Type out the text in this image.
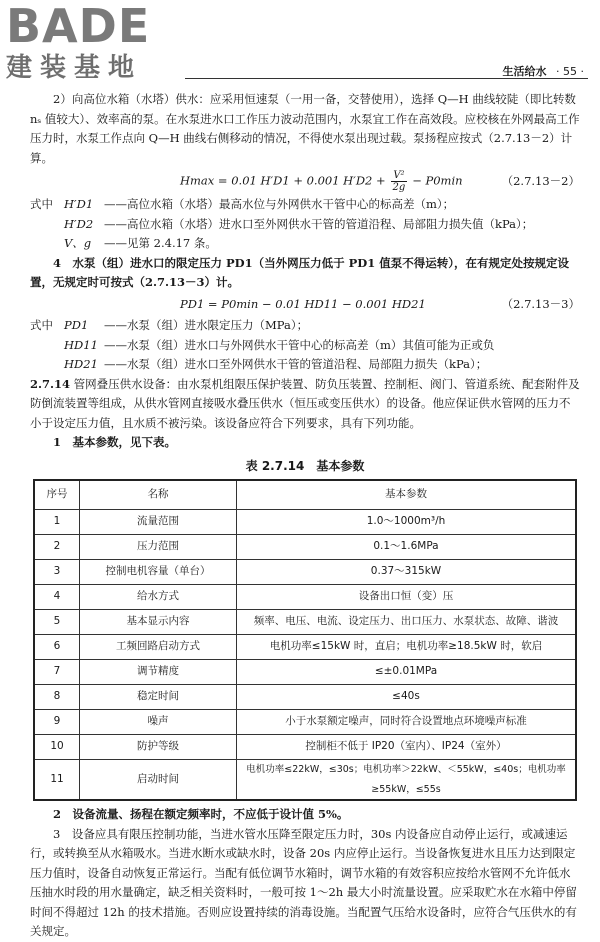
BADE
建装基地	生活给水 · 55 ·

2）向高位水箱（水塔）供水：应采用恒速泵（一用一备，交替使用），选择 Q—H 曲线较陡（即比转数 nₛ 值较大）、效率高的泵。在水泵进水口工作压力波动范围内，水泵宜工作在高效段。应校核在外网最高工作压力时，水泵工作点向 Q—H 曲线右侧移动的情况，不得使水泵出现过载。泵扬程应按式（2.7.13－2）计算。

Hmax = 0.01 H′D1 + 0.001 $H'D2 + \frac{\text{V²}}{2g} - P0\min$	（2.7.13－2）
式中 H′D1 ——高位水箱（水塔）最高水位与外网供水干管中心的标高差（m）；
H′D2 ——高位水箱（水塔）进水口至外网供水干管的管道沿程、局部阻力损失值（kPa）；
V、g	——见第 2.4.17 条。

4　水泵（组）进水口的限定压力 PD1（当外网压力低于 PD1 值泵不得运转），在有规定处按规定设置，无规定时可按式（2.7.13－3）计。

PD1 = P0min − 0.01 HD11 − 0.001 HD21	（2.7.13－3）
式中 PD1	——水泵（组）进水限定压力（MPa）；
HD11 ——水泵（组）进水口与外网供水干管中心的标高差（m）其值可能为正或负
HD21 ——水泵（组）进水口至外网供水干管的管道沿程、局部阻力损失（kPa）；

2.7.14 管网叠压供水设备：由水泵机组限压保护装置、防负压装置、控制柜、阀门、管道系统、配套附件及防倒流装置等组成，从供水管网直接吸水叠压供水（恒压或变压供水）的设备。他应保证供水管网的压力不小于设定压力值，且水质不被污染。该设备应符合下列要求，具有下列功能。

1　基本参数，见下表。

表 2.7.14　基本参数
序号	名称	基本参数
1	流量范围	1.0～1000m³/h
2	压力范围	0.1～1.6MPa
3	控制电机容量（单台）	0.37～315kW
4	给水方式	设备出口恒（变）压
5	基本显示内容	频率、电压、电流、设定压力、出口压力、水泵状态、故障、谐波
6	工频回路启动方式	电机功率≤15kW 时，直启；电机功率≥18.5kW 时，软启
7	调节精度	≤±0.01MPa
8	稳定时间	≤40s
9	噪声	小于水泵额定噪声，同时符合设置地点环境噪声标准
10	防护等级	控制柜不低于 IP20（室内）、IP24（室外）
11	启动时间	电机功率≤22kW，≤30s；电机功率＞22kW、＜55kW，≤40s；电机功率≥55kW，≤55s

2　设备流量、扬程在额定频率时，不应低于设计值 5%。

3　设备应具有限压控制功能，当进水管水压降至限定压力时，30s 内设备应自动停止运行，或减速运行，或转换至从水箱吸水。当进水断水或缺水时，设备 20s 内应停止运行。当设备恢复进水且压力达到限定压力值时，设备自动恢复正常运行。当配有低位调节水箱时，调节水箱的有效容积应按给水管网不允许低水压抽水时段的用水量确定，缺乏相关资料时，一般可按 1～2h 最大小时流量设置。应采取贮水在水箱中停留时间不得超过 12h 的技术措施。否则应设置持续的消毒设施。当配置气压给水设备时，应符合气压供水的有关规定。
